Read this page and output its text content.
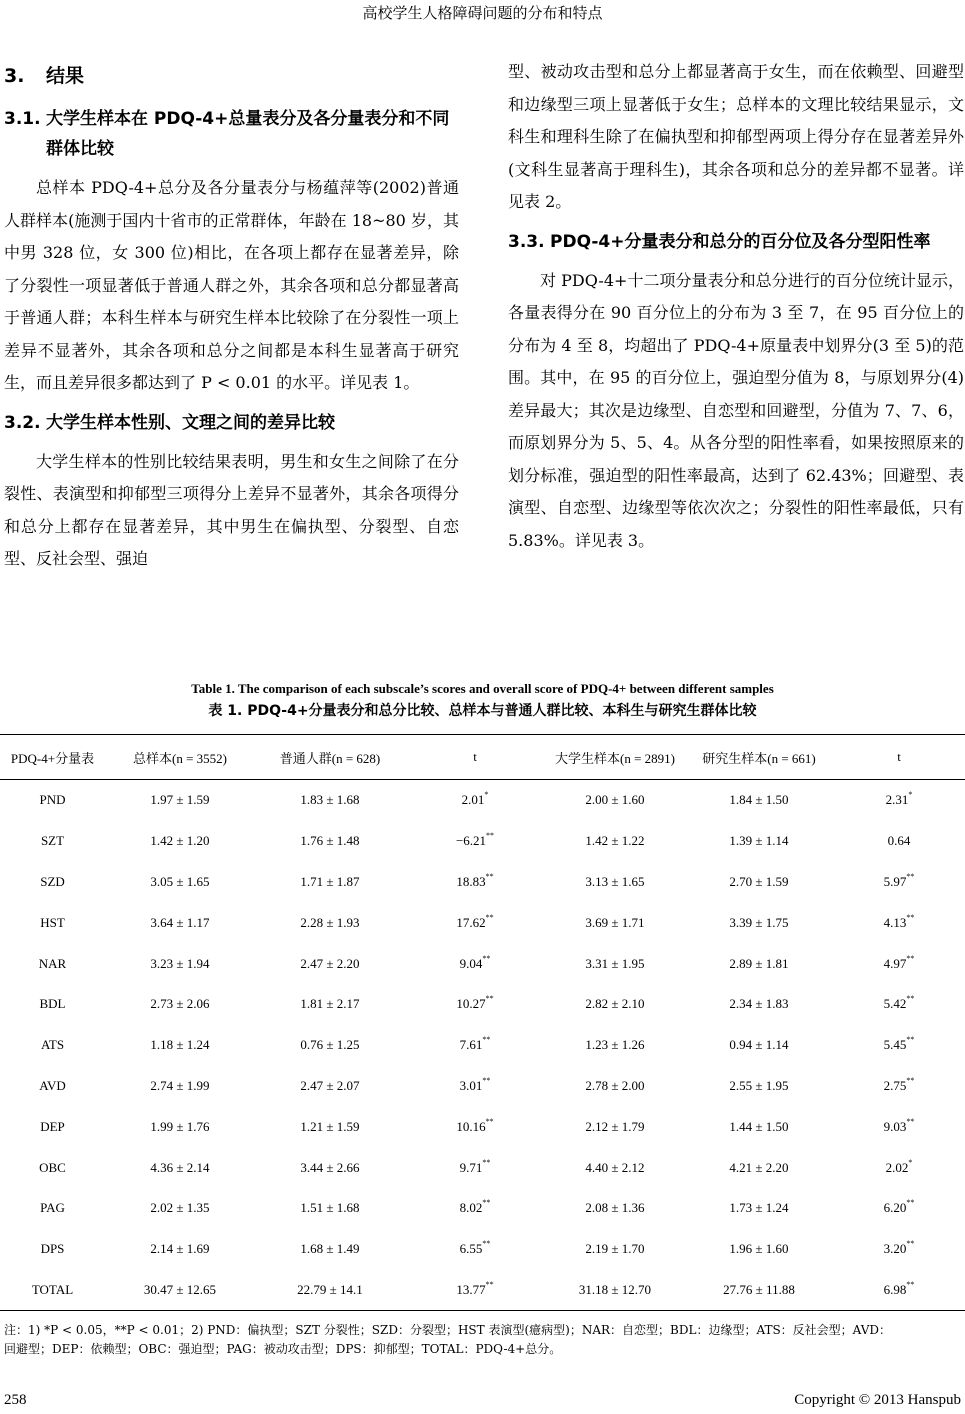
高校学生人格障碍问题的分布和特点
3. 结果
3.1. 大学生样本在 PDQ-4+总量表分及各分量表分和不同群体比较

总样本 PDQ-4+总分及各分量表分与杨蕴萍等(2002)普通人群样本(施测于国内十省市的正常群体，年龄在 18~80 岁，其中男 328 位，女 300 位)相比，在各项上都存在显著差异，除了分裂性一项显著低于普通人群之外，其余各项和总分都显著高于普通人群；本科生样本与研究生样本比较除了在分裂性一项上差异不显著外，其余各项和总分之间都是本科生显著高于研究生，而且差异很多都达到了 P < 0.01 的水平。详见表 1。

3.2. 大学生样本性别、文理之间的差异比较

大学生样本的性别比较结果表明，男生和女生之间除了在分裂性、表演型和抑郁型三项得分上差异不显著外，其余各项得分和总分上都存在显著差异，其中男生在偏执型、分裂型、自恋型、反社会型、强迫

型、被动攻击型和总分上都显著高于女生，而在依赖型、回避型和边缘型三项上显著低于女生；总样本的文理比较结果显示，文科生和理科生除了在偏执型和抑郁型两项上得分存在显著差异外(文科生显著高于理科生)，其余各项和总分的差异都不显著。详见表 2。

3.3. PDQ-4+分量表分和总分的百分位及各分型阳性率

对 PDQ-4+十二项分量表分和总分进行的百分位统计显示，各量表得分在 90 百分位上的分布为 3 至 7，在 95 百分位上的分布为 4 至 8，均超出了 PDQ-4+原量表中划界分(3 至 5)的范围。其中，在 95 的百分位上，强迫型分值为 8，与原划界分(4)差异最大；其次是边缘型、自恋型和回避型，分值为 7、7、6，而原划界分为 5、5、4。从各分型的阳性率看，如果按照原来的划分标准，强迫型的阳性率最高，达到了 62.43%；回避型、表演型、自恋型、边缘型等依次次之；分裂性的阳性率最低，只有 5.83%。详见表 3。

Table 1. The comparison of each subscale’s scores and overall score of PDQ-4+ between different samples
表 1. PDQ-4+分量表分和总分比较、总样本与普通人群比较、本科生与研究生群体比较
PDQ-4+分量表	总样本(n = 3552)	普通人群(n = 628)	t	大学生样本(n = 2891)	研究生样本(n = 661)	t
PND	1.97 ± 1.59	1.83 ± 1.68	2.01*	2.00 ± 1.60	1.84 ± 1.50	2.31*
SZT	1.42 ± 1.20	1.76 ± 1.48	−6.21**	1.42 ± 1.22	1.39 ± 1.14	0.64
SZD	3.05 ± 1.65	1.71 ± 1.87	18.83**	3.13 ± 1.65	2.70 ± 1.59	5.97**
HST	3.64 ± 1.17	2.28 ± 1.93	17.62**	3.69 ± 1.71	3.39 ± 1.75	4.13**
NAR	3.23 ± 1.94	2.47 ± 2.20	9.04**	3.31 ± 1.95	2.89 ± 1.81	4.97**
BDL	2.73 ± 2.06	1.81 ± 2.17	10.27**	2.82 ± 2.10	2.34 ± 1.83	5.42**
ATS	1.18 ± 1.24	0.76 ± 1.25	7.61**	1.23 ± 1.26	0.94 ± 1.14	5.45**
AVD	2.74 ± 1.99	2.47 ± 2.07	3.01**	2.78 ± 2.00	2.55 ± 1.95	2.75**
DEP	1.99 ± 1.76	1.21 ± 1.59	10.16**	2.12 ± 1.79	1.44 ± 1.50	9.03**
OBC	4.36 ± 2.14	3.44 ± 2.66	9.71**	4.40 ± 2.12	4.21 ± 2.20	2.02*
PAG	2.02 ± 1.35	1.51 ± 1.68	8.02**	2.08 ± 1.36	1.73 ± 1.24	6.20**
DPS	2.14 ± 1.69	1.68 ± 1.49	6.55**	2.19 ± 1.70	1.96 ± 1.60	3.20**
TOTAL	30.47 ± 12.65	22.79 ± 14.1	13.77**	31.18 ± 12.70	27.76 ± 11.88	6.98**
注：1) *P < 0.05，**P < 0.01；2) PND：偏执型；SZT 分裂性；SZD：分裂型；HST 表演型(癔病型)；NAR：自恋型；BDL：边缘型；ATS：反社会型；AVD：
回避型；DEP：依赖型；OBC：强迫型；PAG：被动攻击型；DPS：抑郁型；TOTAL：PDQ-4+总分。
258	Copyright © 2013 Hanspub
